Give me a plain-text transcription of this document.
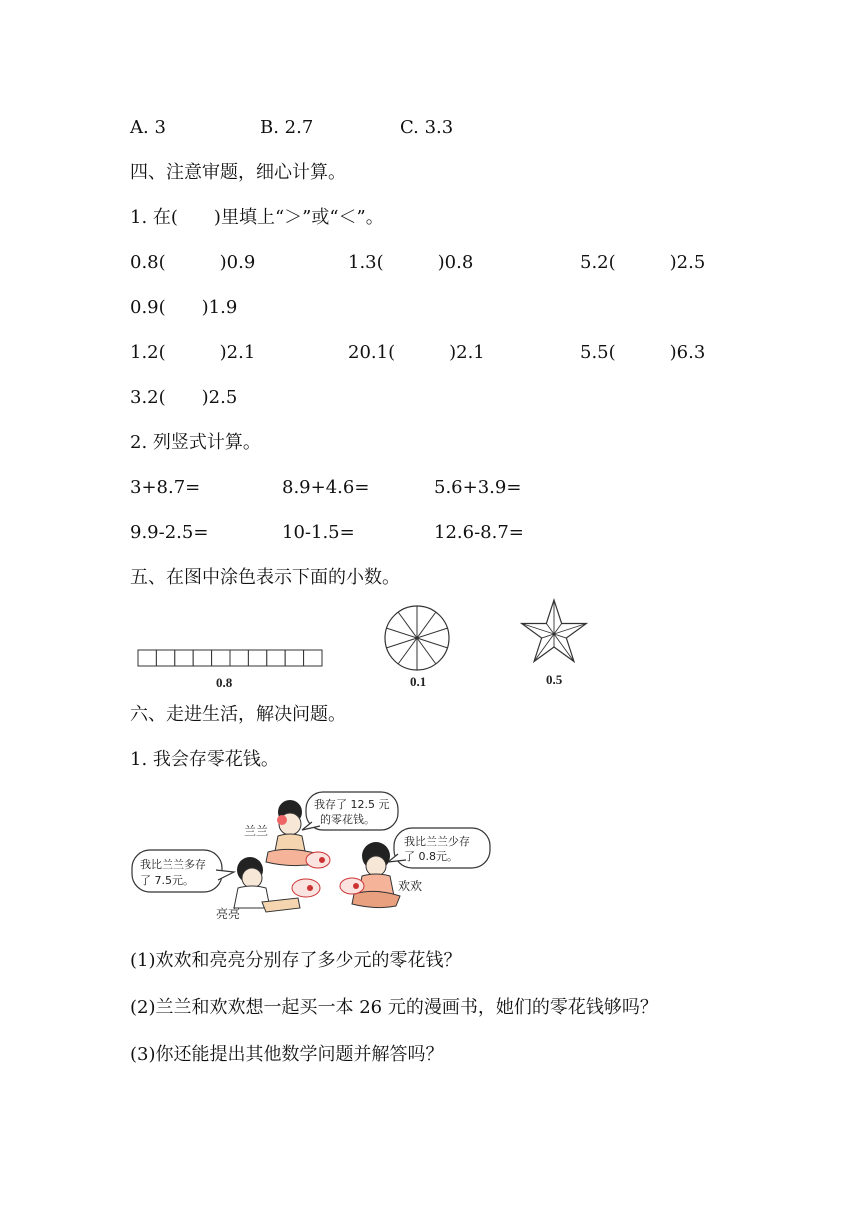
A. 3	B. 2.7	C. 3.3
四、注意审题，细心计算。
1. 在(　　)里填上“＞”或“＜”。
0.8(　　　)0.9	1.3(　　　)0.8	5.2(　　　)2.5
0.9(　　)1.9
1.2(　　　)2.1	20.1(　　　)2.1	5.5(　　　)6.3
3.2(　　)2.5
2. 列竖式计算。
3+8.7=	8.9+4.6=	5.6+3.9=
9.9-2.5=	10-1.5=	12.6-8.7=
五、在图中涂色表示下面的小数。
0.8	0.1	0.5
六、走进生活，解决问题。
1. 我会存零花钱。
我存了 12.5 元
的零花钱。
我比兰兰少存
了 0.8元。
我比兰兰多存
了 7.5元。
兰兰
欢欢
亮亮
(1)欢欢和亮亮分别存了多少元的零花钱？
(2)兰兰和欢欢想一起买一本 26 元的漫画书，她们的零花钱够吗？
(3)你还能提出其他数学问题并解答吗？
